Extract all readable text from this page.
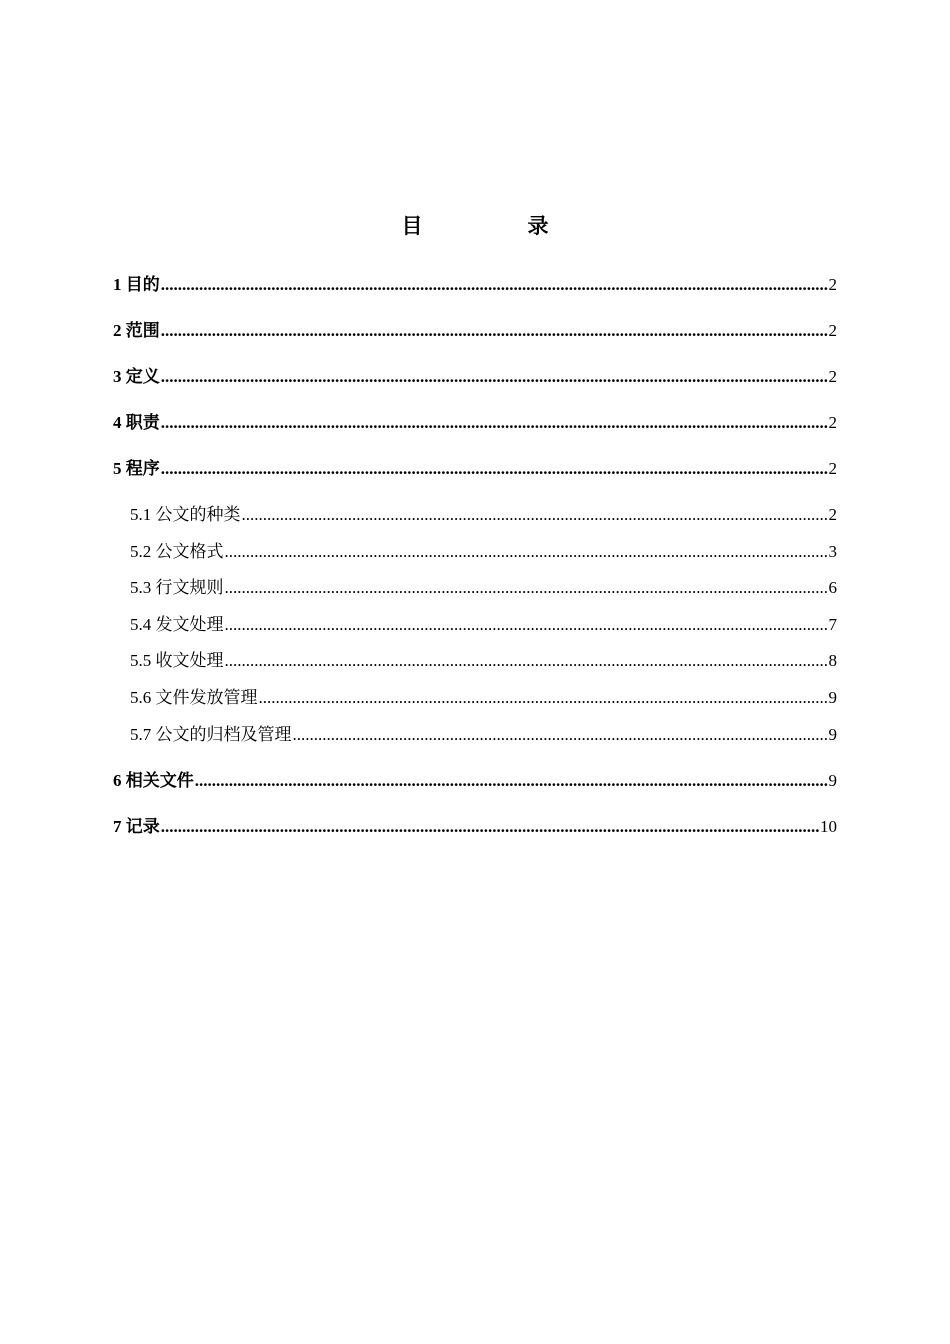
目　录
1 目的 .....	2
2 范围 .....	2
3 定义 .....	2
4 职责 .....	2
5 程序 .....	2
5.1 公文的种类 .....	2
5.2 公文格式 .....	3
5.3 行文规则 .....	6
5.4 发文处理 .....	7
5.5 收文处理 .....	8
5.6 文件发放管理 .....	9
5.7 公文的归档及管理 .....	9
6 相关文件 .....	9
7 记录 .....	10
